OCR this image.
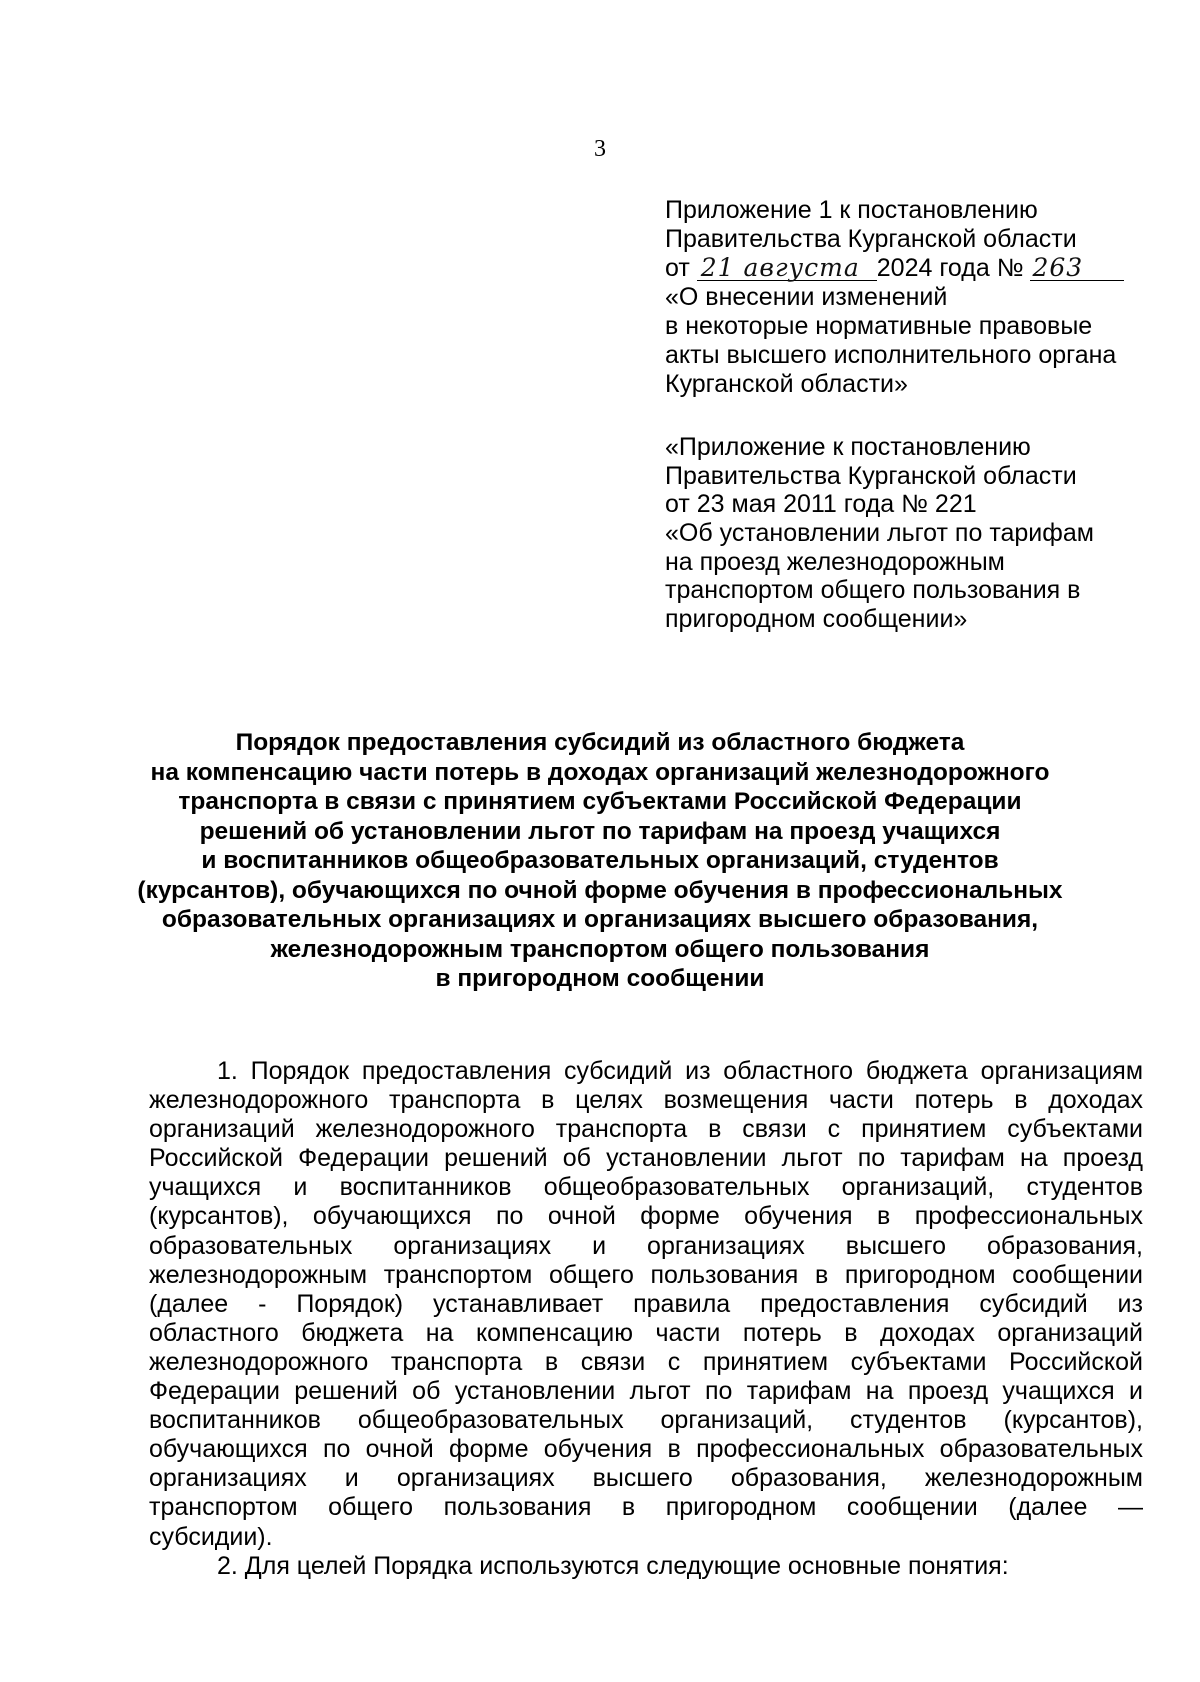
3
Приложение 1 к постановлению
Правительства Курганской области
от 21 августа 2024 года № 263
«О внесении изменений
в некоторые нормативные правовые
акты высшего исполнительного органа
Курганской области»
«Приложение к постановлению
Правительства Курганской области
от 23 мая 2011 года № 221
«Об установлении льгот по тарифам
на проезд железнодорожным
транспортом общего пользования в
пригородном сообщении»
Порядок предоставления субсидий из областного бюджета
на компенсацию части потерь в доходах организаций железнодорожного
транспорта в связи с принятием субъектами Российской Федерации
решений об установлении льгот по тарифам на проезд учащихся
и воспитанников общеобразовательных организаций, студентов
(курсантов), обучающихся по очной форме обучения в профессиональных
образовательных организациях и организациях высшего образования,
железнодорожным транспортом общего пользования
в пригородном сообщении
1. Порядок предоставления субсидий из областного бюджета организациям
железнодорожного транспорта в целях возмещения части потерь в доходах
организаций железнодорожного транспорта в связи с принятием субъектами
Российской Федерации решений об установлении льгот по тарифам на проезд
учащихся и воспитанников общеобразовательных организаций, студентов
(курсантов), обучающихся по очной форме обучения в профессиональных
образовательных организациях и организациях высшего образования,
железнодорожным транспортом общего пользования в пригородном сообщении
(далее - Порядок) устанавливает правила предоставления субсидий из
областного бюджета на компенсацию части потерь в доходах организаций
железнодорожного транспорта в связи с принятием субъектами Российской
Федерации решений об установлении льгот по тарифам на проезд учащихся и
воспитанников общеобразовательных организаций, студентов (курсантов),
обучающихся по очной форме обучения в профессиональных образовательных
организациях и организациях высшего образования, железнодорожным
транспортом общего пользования в пригородном сообщении (далее —
субсидии).
2. Для целей Порядка используются следующие основные понятия:
